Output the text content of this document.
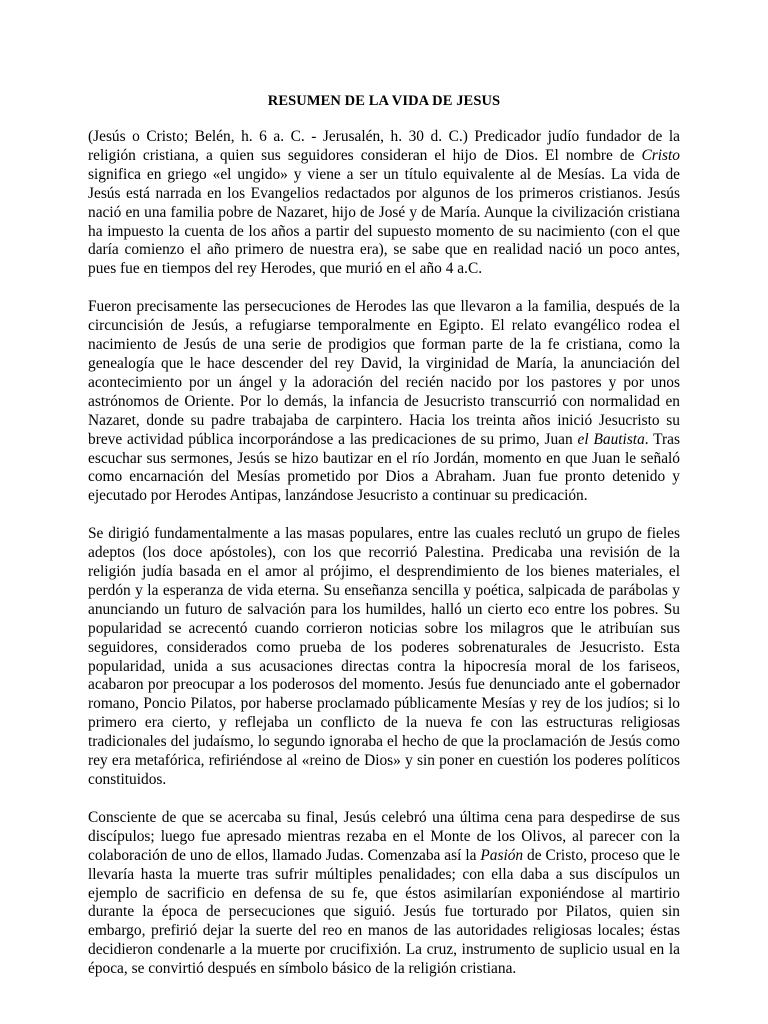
RESUMEN DE LA VIDA DE JESUS

(Jesús o Cristo; Belén, h. 6 a. C. - Jerusalén, h. 30 d. C.) Predicador judío fundador de la religión cristiana, a quien sus seguidores consideran el hijo de Dios. El nombre de Cristo significa en griego «el ungido» y viene a ser un título equivalente al de Mesías. La vida de Jesús está narrada en los Evangelios redactados por algunos de los primeros cristianos. Jesús nació en una familia pobre de Nazaret, hijo de José y de María. Aunque la civilización cristiana ha impuesto la cuenta de los años a partir del supuesto momento de su nacimiento (con el que daría comienzo el año primero de nuestra era), se sabe que en realidad nació un poco antes, pues fue en tiempos del rey Herodes, que murió en el año 4 a.C.

Fueron precisamente las persecuciones de Herodes las que llevaron a la familia, después de la circuncisión de Jesús, a refugiarse temporalmente en Egipto. El relato evangélico rodea el nacimiento de Jesús de una serie de prodigios que forman parte de la fe cristiana, como la genealogía que le hace descender del rey David, la virginidad de María, la anunciación del acontecimiento por un ángel y la adoración del recién nacido por los pastores y por unos astrónomos de Oriente. Por lo demás, la infancia de Jesucristo transcurrió con normalidad en Nazaret, donde su padre trabajaba de carpintero. Hacia los treinta años inició Jesucristo su breve actividad pública incorporándose a las predicaciones de su primo, Juan el Bautista. Tras escuchar sus sermones, Jesús se hizo bautizar en el río Jordán, momento en que Juan le señaló como encarnación del Mesías prometido por Dios a Abraham. Juan fue pronto detenido y ejecutado por Herodes Antipas, lanzándose Jesucristo a continuar su predicación.

Se dirigió fundamentalmente a las masas populares, entre las cuales reclutó un grupo de fieles adeptos (los doce apóstoles), con los que recorrió Palestina. Predicaba una revisión de la religión judía basada en el amor al prójimo, el desprendimiento de los bienes materiales, el perdón y la esperanza de vida eterna. Su enseñanza sencilla y poética, salpicada de parábolas y anunciando un futuro de salvación para los humildes, halló un cierto eco entre los pobres. Su popularidad se acrecentó cuando corrieron noticias sobre los milagros que le atribuían sus seguidores, considerados como prueba de los poderes sobrenaturales de Jesucristo. Esta popularidad, unida a sus acusaciones directas contra la hipocresía moral de los fariseos, acabaron por preocupar a los poderosos del momento. Jesús fue denunciado ante el gobernador romano, Poncio Pilatos, por haberse proclamado públicamente Mesías y rey de los judíos; si lo primero era cierto, y reflejaba un conflicto de la nueva fe con las estructuras religiosas tradicionales del judaísmo, lo segundo ignoraba el hecho de que la proclamación de Jesús como rey era metafórica, refiriéndose al «reino de Dios» y sin poner en cuestión los poderes políticos constituidos.

Consciente de que se acercaba su final, Jesús celebró una última cena para despedirse de sus discípulos; luego fue apresado mientras rezaba en el Monte de los Olivos, al parecer con la colaboración de uno de ellos, llamado Judas. Comenzaba así la Pasión de Cristo, proceso que le llevaría hasta la muerte tras sufrir múltiples penalidades; con ella daba a sus discípulos un ejemplo de sacrificio en defensa de su fe, que éstos asimilarían exponiéndose al martirio durante la época de persecuciones que siguió. Jesús fue torturado por Pilatos, quien sin embargo, prefirió dejar la suerte del reo en manos de las autoridades religiosas locales; éstas decidieron condenarle a la muerte por crucifixión. La cruz, instrumento de suplicio usual en la época, se convirtió después en símbolo básico de la religión cristiana.
